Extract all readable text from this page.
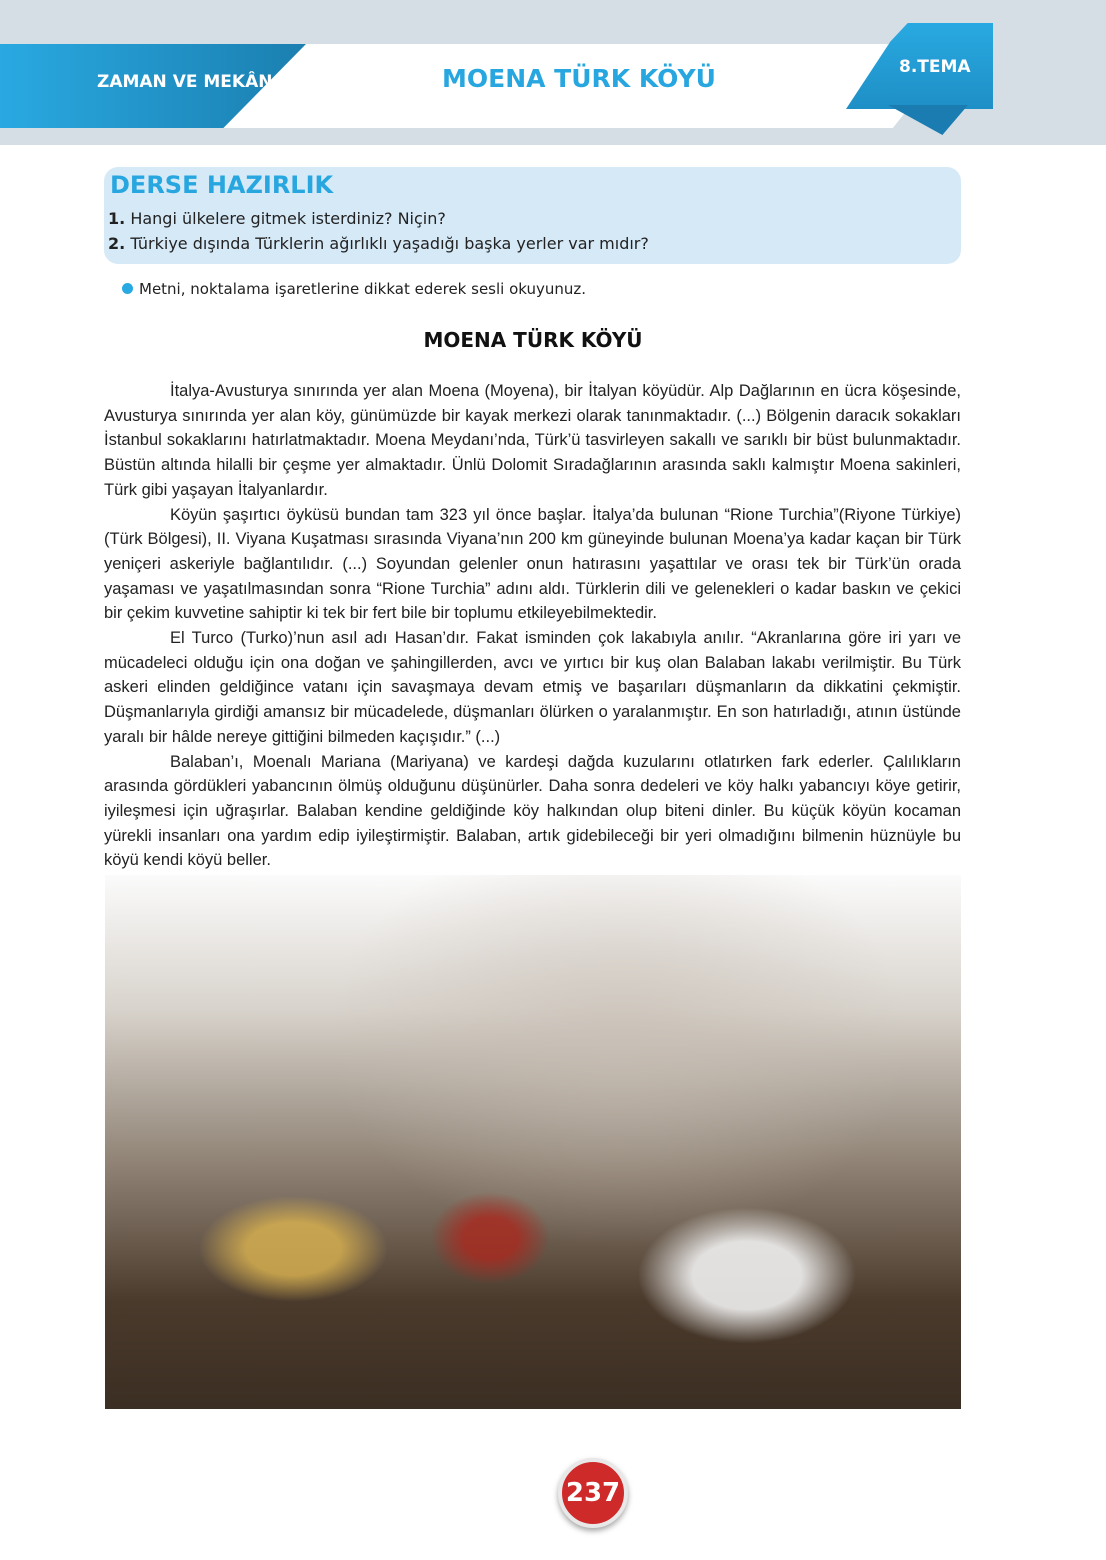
ZAMAN VE MEKÂN	MOENA TÜRK KÖYÜ	8.TEMA
DERSE HAZIRLIK
1. Hangi ülkelere gitmek isterdiniz? Niçin?
2. Türkiye dışında Türklerin ağırlıklı yaşadığı başka yerler var mıdır?
Metni, noktalama işaretlerine dikkat ederek sesli okuyunuz.
MOENA TÜRK KÖYÜ

İtalya-Avusturya sınırında yer alan Moena (Moyena), bir İtalyan köyüdür. Alp Dağlarının en ücra köşesinde, Avusturya sınırında yer alan köy, günümüzde bir kayak merkezi olarak tanınmaktadır. (...) Bölgenin daracık sokakları İstanbul sokaklarını hatırlatmaktadır. Moena Meydanı’nda, Türk’ü tasvirleyen sakallı ve sarıklı bir büst bulunmaktadır. Büstün altında hilalli bir çeşme yer almaktadır. Ünlü Dolomit Sıradağlarının arasında saklı kalmıştır Moena sakinleri, Türk gibi yaşayan İtalyanlardır.

Köyün şaşırtıcı öyküsü bundan tam 323 yıl önce başlar. İtalya’da bulunan “Rione Turchia”(Riyone Türkiye) (Türk Bölgesi), II. Viyana Kuşatması sırasında Viyana’nın 200 km güneyinde bulunan Moena’ya kadar kaçan bir Türk yeniçeri askeriyle bağlantılıdır. (...) Soyundan gelenler onun hatırasını yaşattılar ve orası tek bir Türk’ün orada yaşaması ve yaşatılmasından sonra “Rione Turchia” adını aldı. Türklerin dili ve gelenekleri o kadar baskın ve çekici bir çekim kuvvetine sahiptir ki tek bir fert bile bir toplumu etkileyebilmektedir.

El Turco (Turko)’nun asıl adı Hasan’dır. Fakat isminden çok lakabıyla anılır. “Akranlarına göre iri yarı ve mücadeleci olduğu için ona doğan ve şahingillerden, avcı ve yırtıcı bir kuş olan Balaban lakabı verilmiştir. Bu Türk askeri elinden geldiğince vatanı için savaşmaya devam etmiş ve başarıları düşmanların da dikkatini çekmiştir. Düşmanlarıyla girdiği amansız bir mücadelede, düşmanları ölürken o yaralanmıştır. En son hatırladığı, atının üstünde yaralı bir hâlde nereye gittiğini bilmeden kaçışıdır.” (...)

Balaban’ı, Moenalı Mariana (Mariyana) ve kardeşi dağda kuzularını otlatırken fark ederler. Çalılıkların arasında gördükleri yabancının ölmüş olduğunu düşünürler. Daha sonra dedeleri ve köy halkı yabancıyı köye getirir, iyileşmesi için uğraşırlar. Balaban kendine geldiğinde köy halkından olup biteni dinler. Bu küçük köyün kocaman yürekli insanları ona yardım edip iyileştirmiştir. Balaban, artık gidebileceği bir yeri olmadığını bilmenin hüznüyle bu köyü kendi köyü beller.

237
